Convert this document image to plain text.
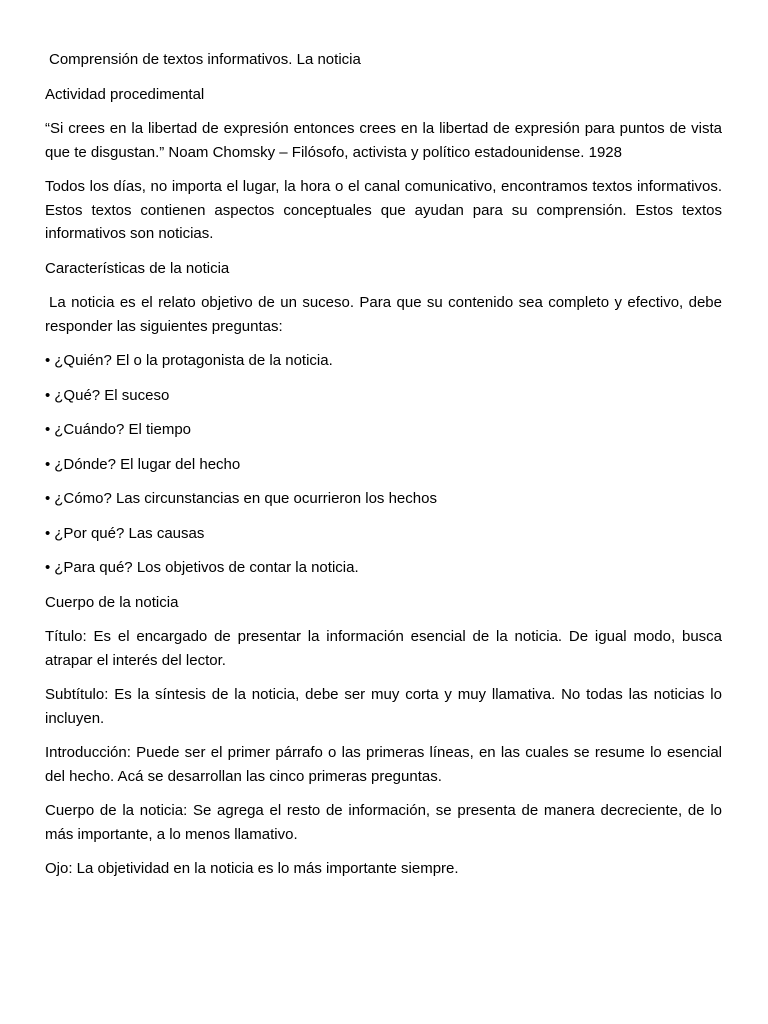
Comprensión de textos informativos. La noticia

Actividad procedimental

“Si crees en la libertad de expresión entonces crees en la libertad de expresión para puntos de vista que te disgustan.” Noam Chomsky – Filósofo, activista y político estadounidense. 1928

Todos los días, no importa el lugar, la hora o el canal comunicativo, encontramos textos informativos. Estos textos contienen aspectos conceptuales que ayudan para su comprensión. Estos textos informativos son noticias.

Características de la noticia

La noticia es el relato objetivo de un suceso. Para que su contenido sea completo y efectivo, debe responder las siguientes preguntas:

• ¿Quién? El o la protagonista de la noticia.

• ¿Qué? El suceso

• ¿Cuándo? El tiempo

• ¿Dónde? El lugar del hecho

• ¿Cómo? Las circunstancias en que ocurrieron los hechos

• ¿Por qué? Las causas

• ¿Para qué? Los objetivos de contar la noticia.

Cuerpo de la noticia

Título: Es el encargado de presentar la información esencial de la noticia. De igual modo, busca atrapar el interés del lector.

Subtítulo: Es la síntesis de la noticia, debe ser muy corta y muy llamativa. No todas las noticias lo incluyen.

Introducción: Puede ser el primer párrafo o las primeras líneas, en las cuales se resume lo esencial del hecho. Acá se desarrollan las cinco primeras preguntas.

Cuerpo de la noticia: Se agrega el resto de información, se presenta de manera decreciente, de lo más importante, a lo menos llamativo.

Ojo: La objetividad en la noticia es lo más importante siempre.
